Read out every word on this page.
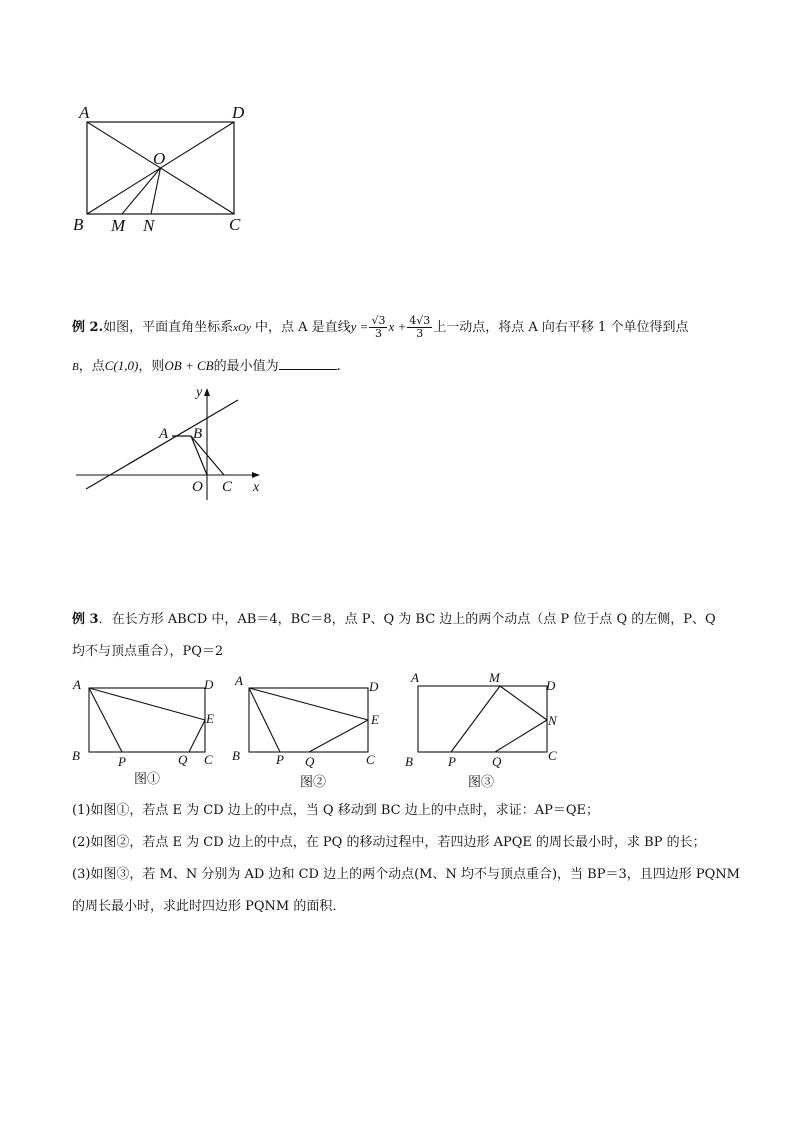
A	D
O
B M N	C
例 2.如图，平面直角坐标系xOy 中，点 A 是直线$y = \frac{√3}{3}$ $x + \frac{4√3}{3}$ 上一动点，将点 A 向右平移 1 个单位得到点
B，点C(1,0)，则OB + CB的最小值为	.
y
A B
O C x
例 3．在长方形 ABCD 中，AB＝4，BC＝8，点 P、Q 为 BC 边上的两个动点（点 P 位于点 Q 的左侧，P、Q
均不与顶点重合），PQ＝2
A	D
E
B	P	Q C
图①
A	D
E
B	P Q	C
图②
A	M
D
N
B	P	Q	C
图③
(1)如图①，若点 E 为 CD 边上的中点，当 Q 移动到 BC 边上的中点时，求证：AP＝QE；
(2)如图②，若点 E 为 CD 边上的中点，在 PQ 的移动过程中，若四边形 APQE 的周长最小时，求 BP 的长；
(3)如图③，若 M、N 分别为 AD 边和 CD 边上的两个动点(M、N 均不与顶点重合)，当 BP＝3，且四边形 PQNM
的周长最小时，求此时四边形 PQNM 的面积．
